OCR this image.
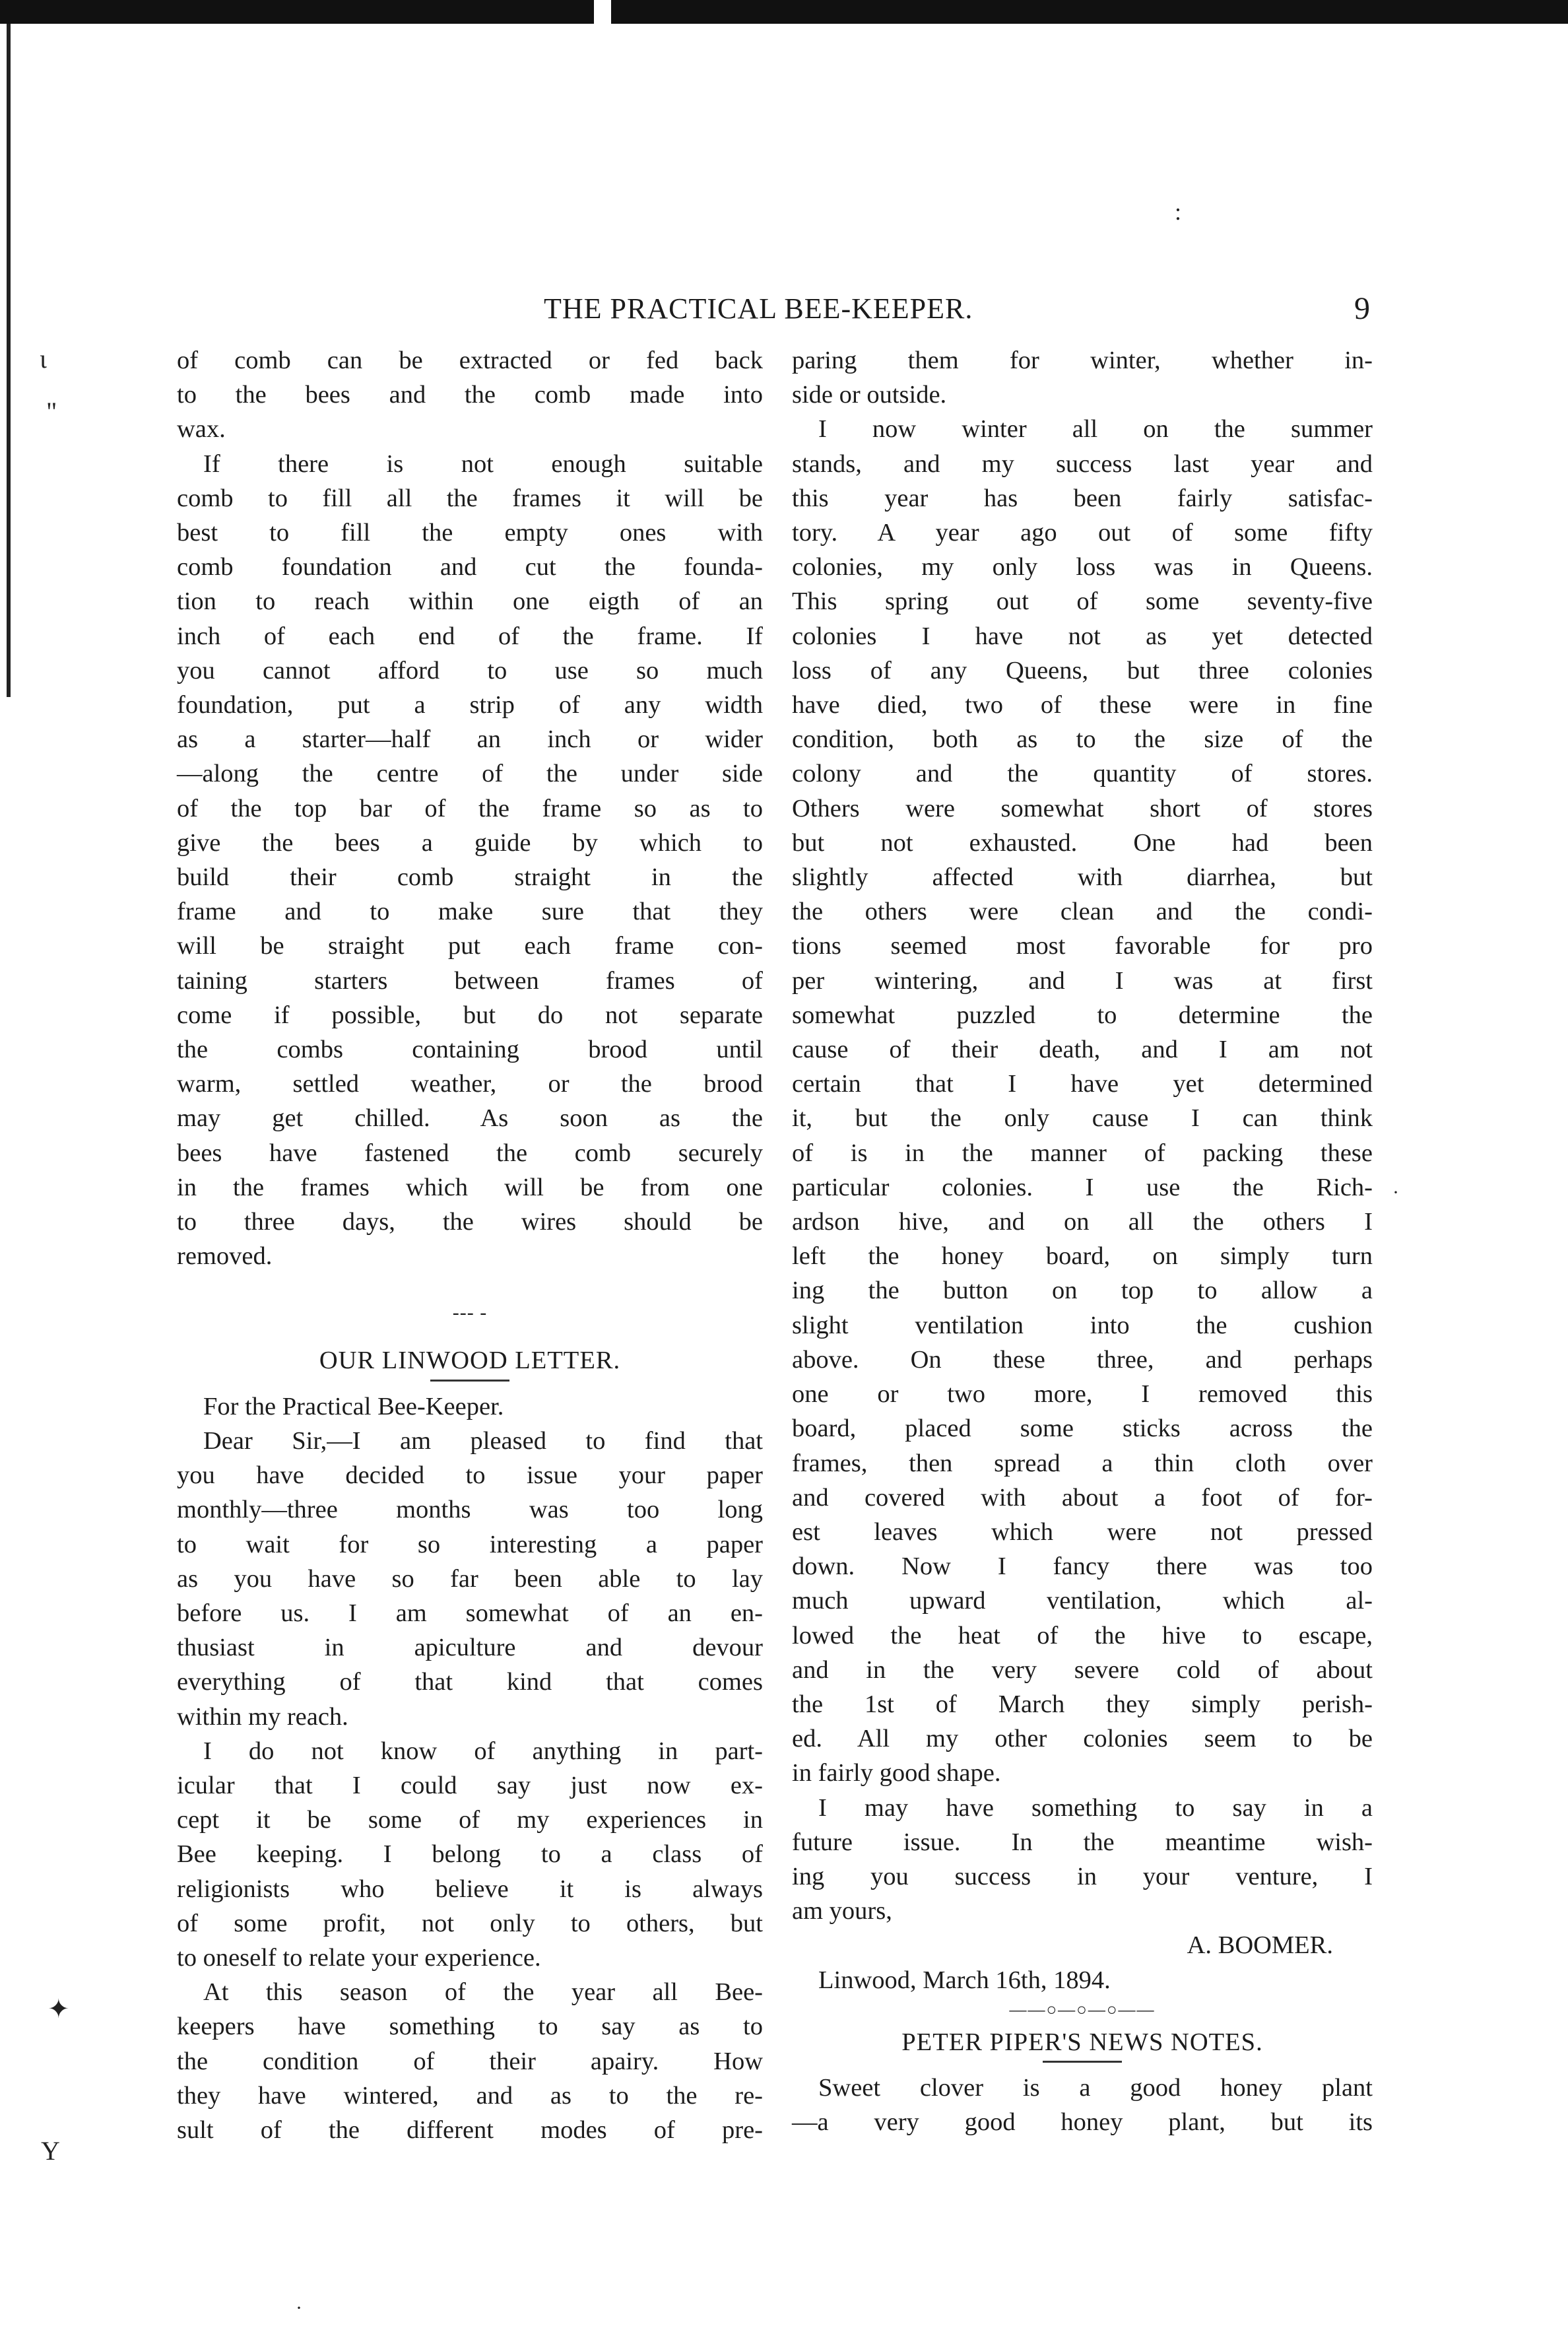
ι
"
✦
Y
:
·
·
THE PRACTICAL BEE-KEEPER.	9

of comb can be extracted or fed back
to the bees and the comb made into
wax.

If there is not enough suitable
comb to fill all the frames it will be
best to fill the empty ones with
comb foundation and cut the founda-
tion to reach within one eigth of an
inch of each end of the frame. If
you cannot afford to use so much
foundation, put a strip of any width
as a starter—half an inch or wider
—along the centre of the under side
of the top bar of the frame so as to
give the bees a guide by which to
build their comb straight in the
frame and to make sure that they
will be straight put each frame con-
taining starters between frames of
come if possible, but do not separate
the combs containing brood until
warm, settled weather, or the brood
may get chilled. As soon as the
bees have fastened the comb securely
in the frames which will be from one
to three days, the wires should be
removed.

--- -
OUR LINWOOD LETTER.
For the Practical Bee-Keeper.

Dear Sir,—I am pleased to find that
you have decided to issue your paper
monthly—three months was too long
to wait for so interesting a paper
as you have so far been able to lay
before us. I am somewhat of an en-
thusiast in apiculture and devour
everything of that kind that comes
within my reach.

I do not know of anything in part-
icular that I could say just now ex-
cept it be some of my experiences in
Bee keeping. I belong to a class of
religionists who believe it is always
of some profit, not only to others, but
to oneself to relate your experience.

At this season of the year all Bee-
keepers have something to say as to
the condition of their apairy. How
they have wintered, and as to the re-
sult of the different modes of pre-

paring them for winter, whether in-
side or outside.

I now winter all on the summer
stands, and my success last year and
this year has been fairly satisfac-
tory. A year ago out of some fifty
colonies, my only loss was in Queens.
This spring out of some seventy-five
colonies I have not as yet detected
loss of any Queens, but three colonies
have died, two of these were in fine
condition, both as to the size of the
colony and the quantity of stores.
Others were somewhat short of stores
but not exhausted. One had been
slightly affected with diarrhea, but
the others were clean and the condi-
tions seemed most favorable for pro
per wintering, and I was at first
somewhat puzzled to determine the
cause of their death, and I am not
certain that I have yet determined
it, but the only cause I can think
of is in the manner of packing these
particular colonies. I use the Rich-
ardson hive, and on all the others I
left the honey board, on simply turn
ing the button on top to allow a
slight ventilation into the cushion
above. On these three, and perhaps
one or two more, I removed this
board, placed some sticks across the
frames, then spread a thin cloth over
and covered with about a foot of for-
est leaves which were not pressed
down. Now I fancy there was too
much upward ventilation, which al-
lowed the heat of the hive to escape,
and in the very severe cold of about
the 1st of March they simply perish-
ed. All my other colonies seem to be
in fairly good shape.

I may have something to say in a
future issue. In the meantime wish-
ing you success in your venture, I
am yours,

A. BOOMER.
Linwood, March 16th, 1894.
——○—○—○——
PETER PIPER'S NEWS NOTES.

Sweet clover is a good honey plant
—a very good honey plant, but its
